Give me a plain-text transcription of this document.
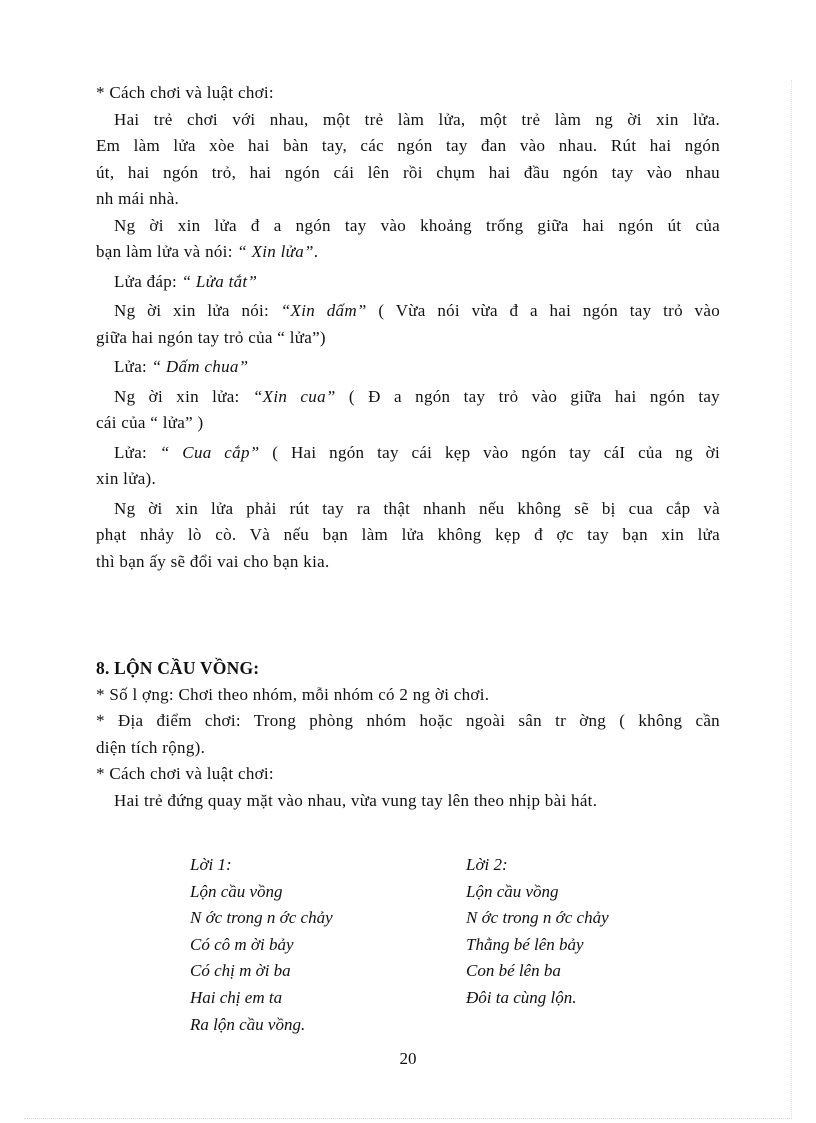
* Cách chơi và luật chơi:
Hai trẻ chơi với nhau, một trẻ làm lửa, một trẻ làm ng ời xin lửa.
Em làm lửa xòe hai bàn tay, các ngón tay đan vào nhau. Rút hai ngón
út, hai ngón trỏ, hai ngón cái lên rồi chụm hai đầu ngón tay vào nhau
nh mái nhà.
Ng ời xin lửa đ a ngón tay vào khoảng trống giữa hai ngón út của
bạn làm lửa và nói: “ Xin lửa”.
Lửa đáp: “ Lửa tắt”
Ng ời xin lửa nói: “Xin dấm” ( Vừa nói vừa đ a hai ngón tay trỏ vào
giữa hai ngón tay trỏ của “ lửa”)
Lửa: “ Dấm chua”
Ng ời xin lửa: “Xin cua” ( Đ a ngón tay trỏ vào giữa hai ngón tay
cái của “ lửa” )
Lửa: “ Cua cắp” ( Hai ngón tay cái kẹp vào ngón tay cáI của ng ời
xin lửa).
Ng ời xin lửa phải rút tay ra thật nhanh nếu không sẽ bị cua cắp và
phạt nhảy lò cò. Và nếu bạn làm lửa không kẹp đ ợc tay bạn xin lửa
thì bạn ấy sẽ đổi vai cho bạn kia.
8. LỘN CẦU VỒNG:
* Số l ợng: Chơi theo nhóm, mỗi nhóm có 2 ng ời chơi.
* Địa điểm chơi: Trong phòng nhóm hoặc ngoài sân tr ờng ( không cần
diện tích rộng).
* Cách chơi và luật chơi:
Hai trẻ đứng quay mặt vào nhau, vừa vung tay lên theo nhịp bài hát.
Lời 1:
Lộn cầu vồng
N ớc trong n ớc chảy
Có cô m ời bảy
Có chị m ời ba
Hai chị em ta
Ra lộn cầu vồng.
Lời 2:
Lộn cầu vồng
N ớc trong n ớc chảy
Thằng bé lên bảy
Con bé lên ba
Đôi ta cùng lộn.
20
